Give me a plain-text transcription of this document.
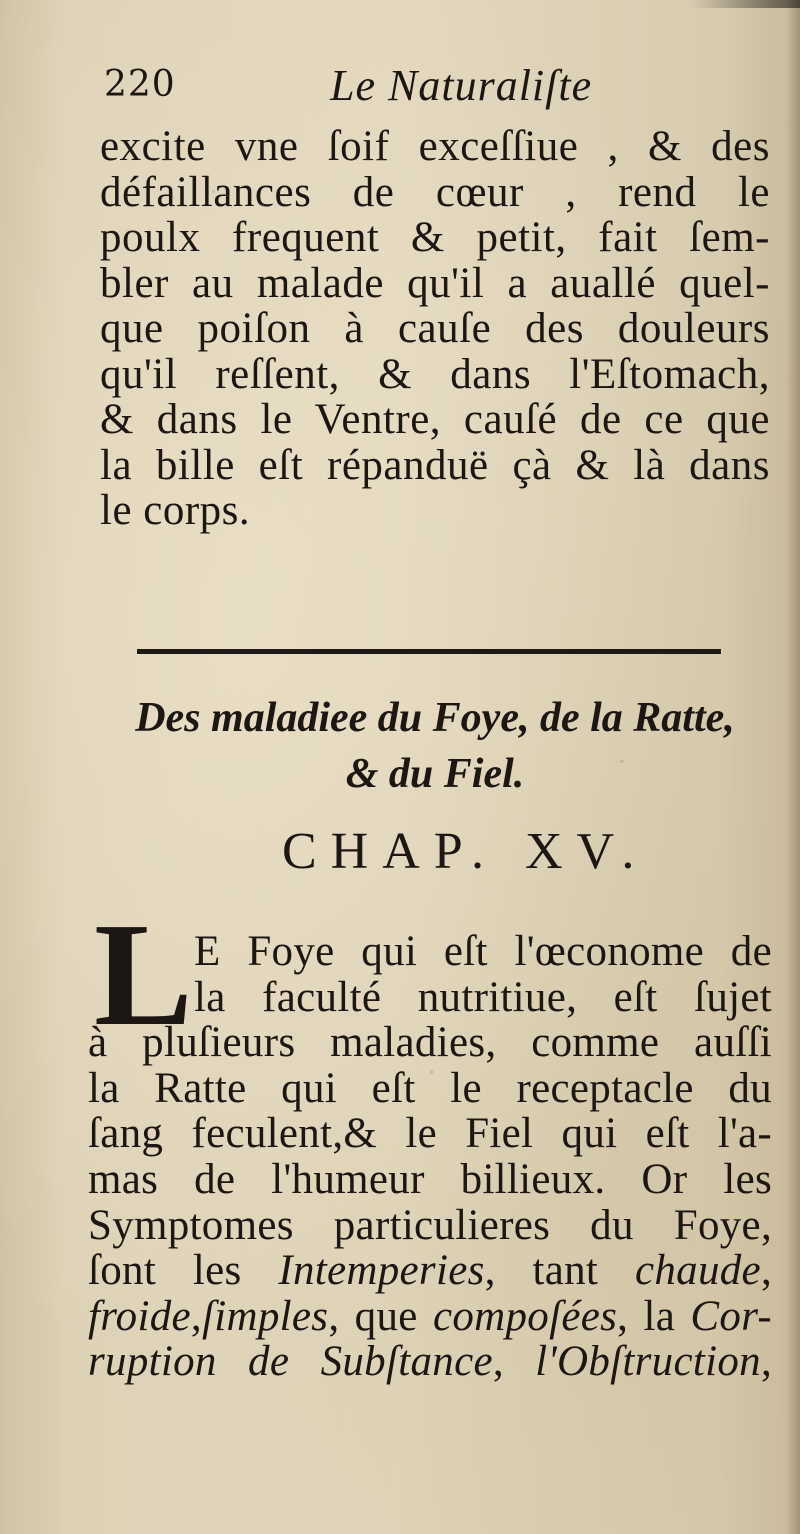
220	Le Naturaliſte
excite vne ſoif exceſſiue , & des
défaillances de cœur , rend le
poulx frequent & petit, fait ſem-
bler au malade qu'il a auallé quel-
que poiſon à cauſe des douleurs
qu'il reſſent, & dans l'Eſtomach,
& dans le Ventre, cauſé de ce que
la bille eſt répanduë çà & là dans
le corps.
Des maladiee du Foye, de la Ratte,
& du Fiel.
CHAP. XV.
L E Foye qui eſt l'œconome de
la faculté nutritiue, eſt ſujet
à pluſieurs maladies, comme auſſi
la Ratte qui eſt le receptacle du
ſang feculent,& le Fiel qui eſt l'a-
mas de l'humeur billieux. Or les
Symptomes particulieres du Foye,
ſont les Intemperies, tant chaude,
froide,ſimples, que compoſées, la Cor-
ruption de Subſtance, l'Obſtruction,
